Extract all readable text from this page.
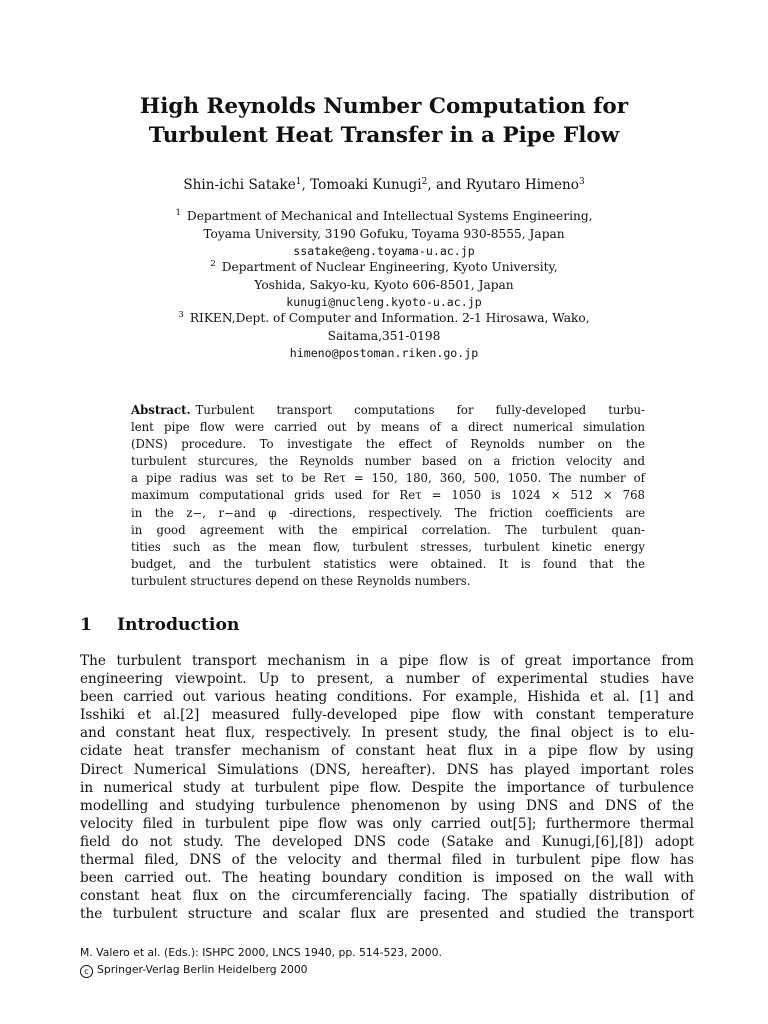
High Reynolds Number Computation for
Turbulent Heat Transfer in a Pipe Flow
Shin-ichi Satake$^1$, Tomoaki Kunugi$^2$, and Ryutaro Himeno$^3$
$^1$ Department of Mechanical and Intellectual Systems Engineering,
Toyama University, 3190 Gofuku, Toyama 930-8555, Japan
ssatake@eng.toyama-u.ac.jp
$^2$ Department of Nuclear Engineering, Kyoto University,
Yoshida, Sakyo-ku, Kyoto 606-8501, Japan
kunugi@nucleng.kyoto-u.ac.jp
$^3$ RIKEN,Dept. of Computer and Information. 2-1 Hirosawa, Wako,
Saitama,351-0198
himeno@postoman.riken.go.jp
Abstract. Turbulent transport computations for fully-developed turbu-
lent pipe flow were carried out by means of a direct numerical simulation
(DNS) procedure. To investigate the effect of Reynolds number on the
turbulent sturcures, the Reynolds number based on a friction velocity and
a pipe radius was set to be Reτ = 150, 180, 360, 500, 1050. The number of
maximum computational grids used for Reτ = 1050 is 1024 × 512 × 768
in the z−, r−and φ -directions, respectively. The friction coefficients are
in good agreement with the empirical correlation. The turbulent quan-
tities such as the mean flow, turbulent stresses, turbulent kinetic energy
budget, and the turbulent statistics were obtained. It is found that the
turbulent structures depend on these Reynolds numbers.
1 Introduction
The turbulent transport mechanism in a pipe flow is of great importance from
engineering viewpoint. Up to present, a number of experimental studies have
been carried out various heating conditions. For example, Hishida et al. [1] and
Isshiki et al.[2] measured fully-developed pipe flow with constant temperature
and constant heat flux, respectively. In present study, the final object is to elu-
cidate heat transfer mechanism of constant heat flux in a pipe flow by using
Direct Numerical Simulations (DNS, hereafter). DNS has played important roles
in numerical study at turbulent pipe flow. Despite the importance of turbulence
modelling and studying turbulence phenomenon by using DNS and DNS of the
velocity filed in turbulent pipe flow was only carried out[5]; furthermore thermal
field do not study. The developed DNS code (Satake and Kunugi,[6],[8]) adopt
thermal filed, DNS of the velocity and thermal filed in turbulent pipe flow has
been carried out. The heating boundary condition is imposed on the wall with
constant heat flux on the circumferencially facing. The spatially distribution of
the turbulent structure and scalar flux are presented and studied the transport
M. Valero et al. (Eds.): ISHPC 2000, LNCS 1940, pp. 514-523, 2000.
c Springer-Verlag Berlin Heidelberg 2000
